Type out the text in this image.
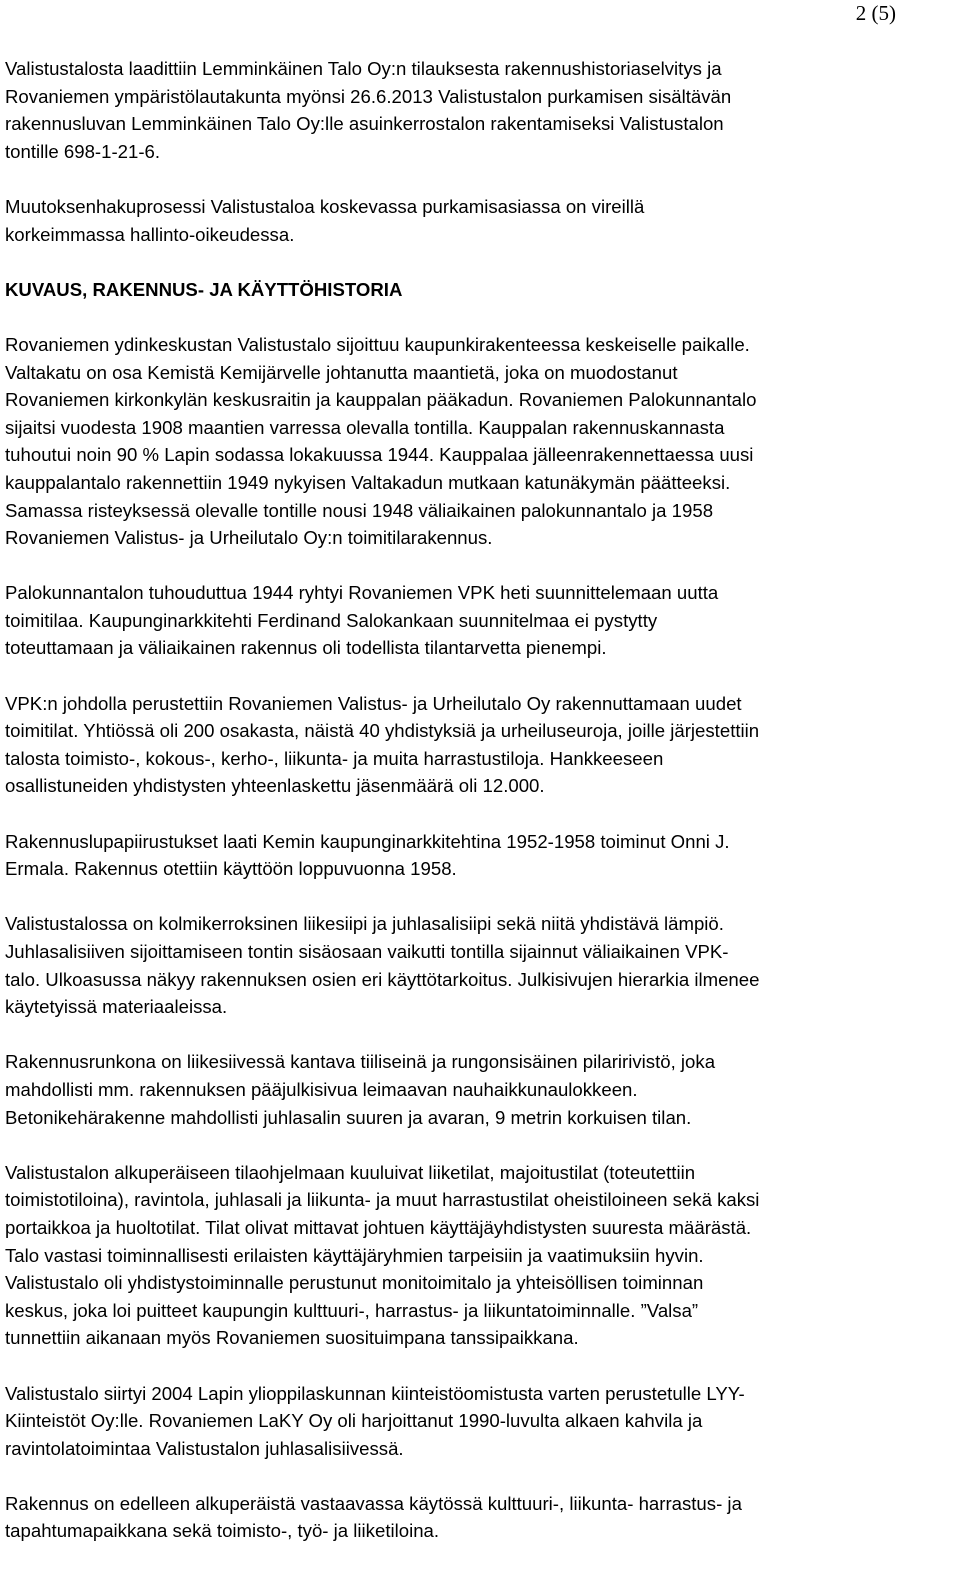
2 (5)

Valistustalosta laadittiin Lemminkäinen Talo Oy:n tilauksesta rakennushistoriaselvitys ja
Rovaniemen ympäristölautakunta myönsi 26.6.2013 Valistustalon purkamisen sisältävän
rakennusluvan Lemminkäinen Talo Oy:lle asuinkerrostalon rakentamiseksi Valistustalon
tontille 698-1-21-6.

Muutoksenhakuprosessi Valistustaloa koskevassa purkamisasiassa on vireillä
korkeimmassa hallinto-oikeudessa.

KUVAUS, RAKENNUS- JA KÄYTTÖHISTORIA

Rovaniemen ydinkeskustan Valistustalo sijoittuu kaupunkirakenteessa keskeiselle paikalle.
Valtakatu on osa Kemistä Kemijärvelle johtanutta maantietä, joka on muodostanut
Rovaniemen kirkonkylän keskusraitin ja kauppalan pääkadun. Rovaniemen Palokunnantalo
sijaitsi vuodesta 1908 maantien varressa olevalla tontilla. Kauppalan rakennuskannasta
tuhoutui noin 90 % Lapin sodassa lokakuussa 1944. Kauppalaa jälleenrakennettaessa uusi
kauppalantalo rakennettiin 1949 nykyisen Valtakadun mutkaan katunäkymän päätteeksi.
Samassa risteyksessä olevalle tontille nousi 1948 väliaikainen palokunnantalo ja 1958
Rovaniemen Valistus- ja Urheilutalo Oy:n toimitilarakennus.

Palokunnantalon tuhouduttua 1944 ryhtyi Rovaniemen VPK heti suunnittelemaan uutta
toimitilaa. Kaupunginarkkitehti Ferdinand Salokankaan suunnitelmaa ei pystytty
toteuttamaan ja väliaikainen rakennus oli todellista tilantarvetta pienempi.

VPK:n johdolla perustettiin Rovaniemen Valistus- ja Urheilutalo Oy rakennuttamaan uudet
toimitilat. Yhtiössä oli 200 osakasta, näistä 40 yhdistyksiä ja urheiluseuroja, joille järjestettiin
talosta toimisto-, kokous-, kerho-, liikunta- ja muita harrastustiloja. Hankkeeseen
osallistuneiden yhdistysten yhteenlaskettu jäsenmäärä oli 12.000.

Rakennuslupapiirustukset laati Kemin kaupunginarkkitehtina 1952-1958 toiminut Onni J.
Ermala. Rakennus otettiin käyttöön loppuvuonna 1958.

Valistustalossa on kolmikerroksinen liikesiipi ja juhlasalisiipi sekä niitä yhdistävä lämpiö.
Juhlasalisiiven sijoittamiseen tontin sisäosaan vaikutti tontilla sijainnut väliaikainen VPK-
talo. Ulkoasussa näkyy rakennuksen osien eri käyttötarkoitus. Julkisivujen hierarkia ilmenee
käytetyissä materiaaleissa.

Rakennusrunkona on liikesiivessä kantava tiiliseinä ja rungonsisäinen pilaririvistö, joka
mahdollisti mm. rakennuksen pääjulkisivua leimaavan nauhaikkunaulokkeen.
Betonikehärakenne mahdollisti juhlasalin suuren ja avaran, 9 metrin korkuisen tilan.

Valistustalon alkuperäiseen tilaohjelmaan kuuluivat liiketilat, majoitustilat (toteutettiin
toimistotiloina), ravintola, juhlasali ja liikunta- ja muut harrastustilat oheistiloineen sekä kaksi
portaikkoa ja huoltotilat. Tilat olivat mittavat johtuen käyttäjäyhdistysten suuresta määrästä.
Talo vastasi toiminnallisesti erilaisten käyttäjäryhmien tarpeisiin ja vaatimuksiin hyvin.
Valistustalo oli yhdistystoiminnalle perustunut monitoimitalo ja yhteisöllisen toiminnan
keskus, joka loi puitteet kaupungin kulttuuri-, harrastus- ja liikuntatoiminnalle. ”Valsa”
tunnettiin aikanaan myös Rovaniemen suosituimpana tanssipaikkana.

Valistustalo siirtyi 2004 Lapin ylioppilaskunnan kiinteistöomistusta varten perustetulle LYY-
Kiinteistöt Oy:lle. Rovaniemen LaKY Oy oli harjoittanut 1990-luvulta alkaen kahvila ja
ravintolatoimintaa Valistustalon juhlasalisiivessä.

Rakennus on edelleen alkuperäistä vastaavassa käytössä kulttuuri-, liikunta- harrastus- ja
tapahtumapaikkana sekä toimisto-, työ- ja liiketiloina.
